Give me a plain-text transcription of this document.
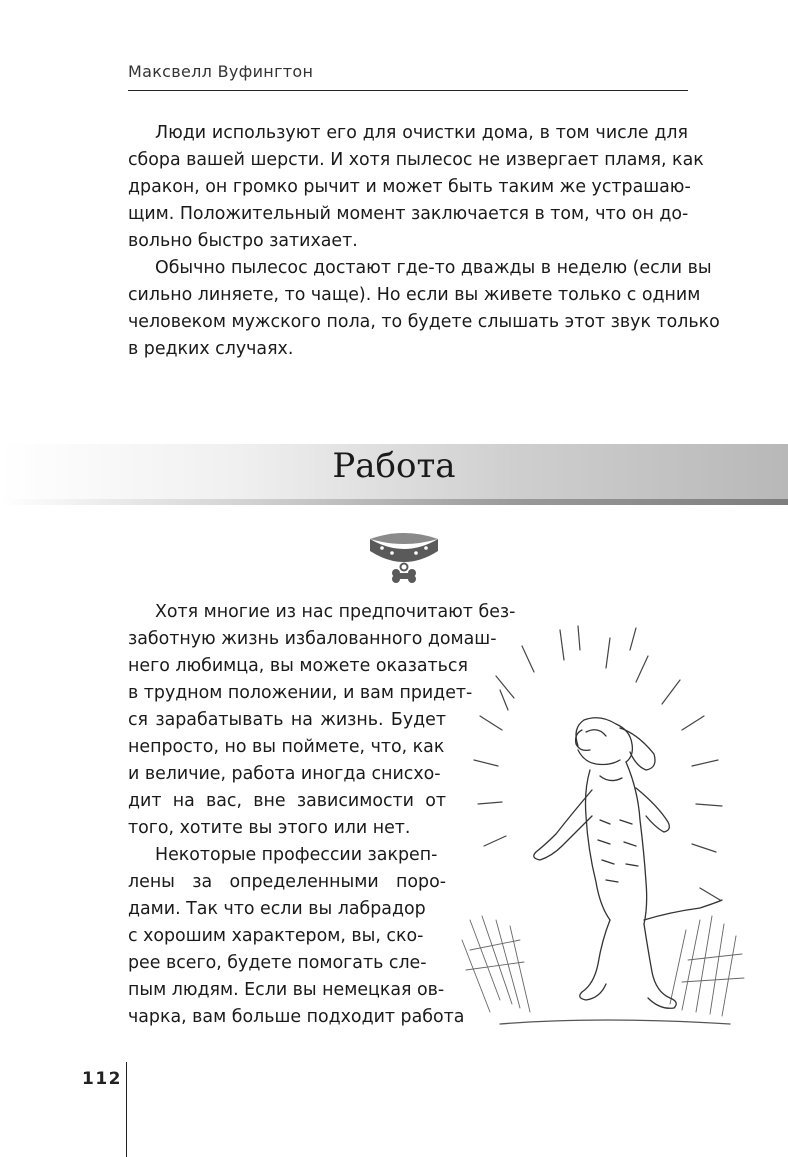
Максвелл Вуфингтон
Люди используют его для очистки дома, в том числе для
сбора вашей шерсти. И хотя пылесос не извергает пламя, как
дракон, он громко рычит и может быть таким же устрашаю-
щим. Положительный момент заключается в том, что он до-
вольно быстро затихает.
Обычно пылесос достают где-то дважды в неделю (если вы
сильно линяете, то чаще). Но если вы живете только с одним
человеком мужского пола, то будете слышать этот звук только
в редких случаях.
Работа
Хотя многие из нас предпочитают без-
заботную жизнь избалованного домаш-
него любимца, вы можете оказаться
в трудном положении, и вам придет-
ся зарабатывать на жизнь. Будет
непросто, но вы поймете, что, как
и величие, работа иногда снисхо-
дит на вас, вне зависимости от
того, хотите вы этого или нет.
Некоторые профессии закреп-
лены за определенными поро-
дами. Так что если вы лабрадор
с хорошим характером, вы, ско-
рее всего, будете помогать сле-
пым людям. Если вы немецкая ов-
чарка, вам больше подходит работа
112
